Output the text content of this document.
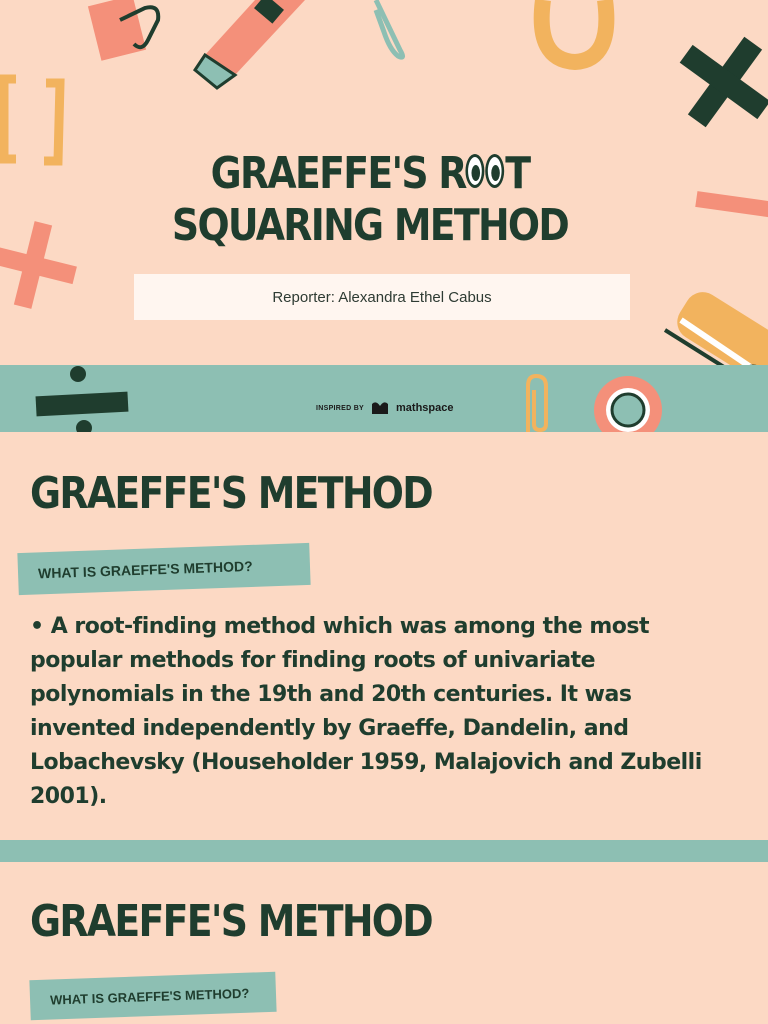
GRAEFFE'S R T
SQUARING METHOD
Reporter: Alexandra Ethel Cabus
INSPIRED BY	mathspace
GRAEFFE'S METHOD
WHAT IS GRAEFFE'S METHOD?
• A root-finding method which was among the most popular methods for finding roots of univariate polynomials in the 19th and 20th centuries. It was invented independently by Graeffe, Dandelin, and Lobachevsky (Householder 1959, Malajovich and Zubelli 2001).
GRAEFFE'S METHOD
WHAT IS GRAEFFE'S METHOD?
